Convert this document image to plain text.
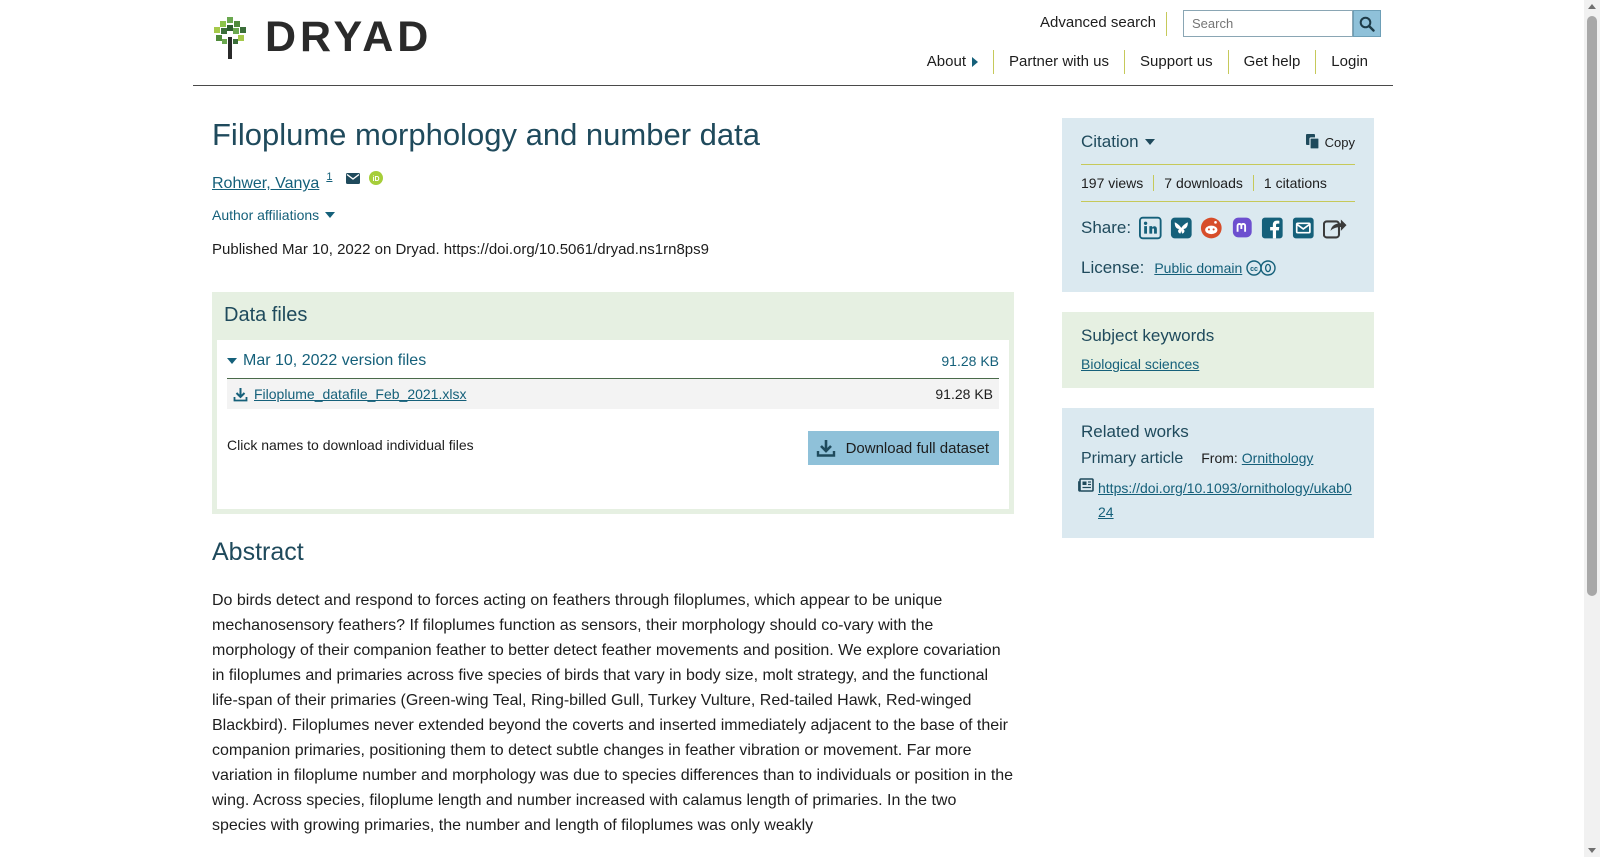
DRYAD	Advanced search
Search
About	Partner with us	Support us	Get help	Login
Filoplume morphology and number data
Rohwer, Vanya 1	iD
Author affiliations
Published Mar 10, 2022 on Dryad. https://doi.org/10.5061/dryad.ns1rn8ps9
Data files
Mar 10, 2022 version files	91.28 KB
Filoplume_datafile_Feb_2021.xlsx	91.28 KB
Click names to download individual files	Download full dataset
Abstract

Do birds detect and respond to forces acting on feathers through filoplumes, which appear to be unique mechanosensory feathers? If filoplumes function as sensors, their morphology should co-vary with the morphology of their companion feather to better detect feather movements and position. We explore covariation in filoplumes and primaries across five species of birds that vary in body size, molt strategy, and the functional life-span of their primaries (Green-wing Teal, Ring-billed Gull, Turkey Vulture, Red-tailed Hawk, Red-winged Blackbird). Filoplumes never extended beyond the coverts and inserted immediately adjacent to the base of their companion primaries, positioning them to detect subtle changes in feather vibration or movement. Far more variation in filoplume number and morphology was due to species differences than to individuals or position in the wing. Across species, filoplume length and number increased with calamus length of primaries. In the two species with growing primaries, the number and length of filoplumes was only weakly

Citation	Copy
197 views	7 downloads	1 citations
Share:
License: Public domain cc
Subject keywords
Biological sciences
Related works
Primary article From: Ornithology
https://doi.org/10.1093/ornithology/ukab024
